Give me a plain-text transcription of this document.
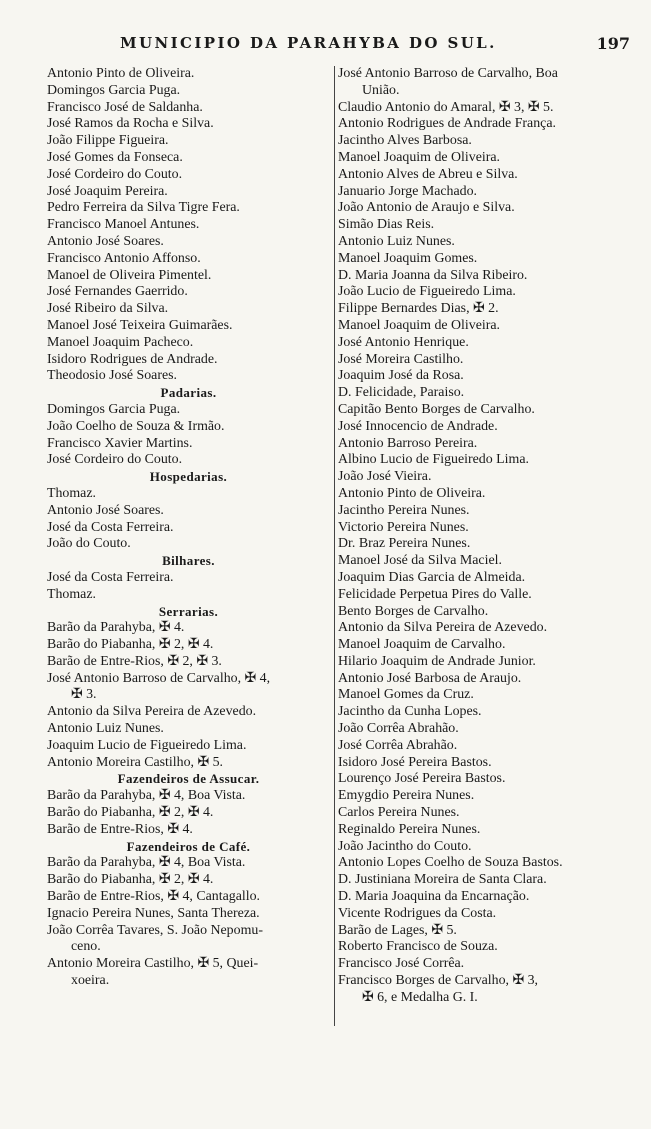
MUNICIPIO DA PARAHYBA DO SUL.	197
Antonio Pinto de Oliveira.
Domingos Garcia Puga.
Francisco José de Saldanha.
José Ramos da Rocha e Silva.
João Filippe Figueira.
José Gomes da Fonseca.
José Cordeiro do Couto.
José Joaquim Pereira.
Pedro Ferreira da Silva Tigre Fera.
Francisco Manoel Antunes.
Antonio José Soares.
Francisco Antonio Affonso.
Manoel de Oliveira Pimentel.
José Fernandes Gaerrido.
José Ribeiro da Silva.
Manoel José Teixeira Guimarães.
Manoel Joaquim Pacheco.
Isidoro Rodrigues de Andrade.
Theodosio José Soares.
Padarias.
Domingos Garcia Puga.
João Coelho de Souza & Irmão.
Francisco Xavier Martins.
José Cordeiro do Couto.
Hospedarias.
Thomaz.
Antonio José Soares.
José da Costa Ferreira.
João do Couto.
Bilhares.
José da Costa Ferreira.
Thomaz.
Serrarias.
Barão da Parahyba, ✠ 4.
Barão do Piabanha, ✠ 2, ✠ 4.
Barão de Entre-Rios, ✠ 2, ✠ 3.
José Antonio Barroso de Carvalho, ✠ 4,
✠ 3.
Antonio da Silva Pereira de Azevedo.
Antonio Luiz Nunes.
Joaquim Lucio de Figueiredo Lima.
Antonio Moreira Castilho, ✠ 5.
Fazendeiros de Assucar.
Barão da Parahyba, ✠ 4, Boa Vista.
Barão do Piabanha, ✠ 2, ✠ 4.
Barão de Entre-Rios, ✠ 4.
Fazendeiros de Café.
Barão da Parahyba, ✠ 4, Boa Vista.
Barão do Piabanha, ✠ 2, ✠ 4.
Barão de Entre-Rios, ✠ 4, Cantagallo.
Ignacio Pereira Nunes, Santa Thereza.
João Corrêa Tavares, S. João Nepomu-
ceno.
Antonio Moreira Castilho, ✠ 5, Quei-
xoeira.
José Antonio Barroso de Carvalho, Boa
União.
Claudio Antonio do Amaral, ✠ 3, ✠ 5.
Antonio Rodrigues de Andrade França.
Jacintho Alves Barbosa.
Manoel Joaquim de Oliveira.
Antonio Alves de Abreu e Silva.
Januario Jorge Machado.
João Antonio de Araujo e Silva.
Simão Dias Reis.
Antonio Luiz Nunes.
Manoel Joaquim Gomes.
D. Maria Joanna da Silva Ribeiro.
João Lucio de Figueiredo Lima.
Filippe Bernardes Dias, ✠ 2.
Manoel Joaquim de Oliveira.
José Antonio Henrique.
José Moreira Castilho.
Joaquim José da Rosa.
D. Felicidade, Paraiso.
Capitão Bento Borges de Carvalho.
José Innocencio de Andrade.
Antonio Barroso Pereira.
Albino Lucio de Figueiredo Lima.
João José Vieira.
Antonio Pinto de Oliveira.
Jacintho Pereira Nunes.
Victorio Pereira Nunes.
Dr. Braz Pereira Nunes.
Manoel José da Silva Maciel.
Joaquim Dias Garcia de Almeida.
Felicidade Perpetua Pires do Valle.
Bento Borges de Carvalho.
Antonio da Silva Pereira de Azevedo.
Manoel Joaquim de Carvalho.
Hilario Joaquim de Andrade Junior.
Antonio José Barbosa de Araujo.
Manoel Gomes da Cruz.
Jacintho da Cunha Lopes.
João Corrêa Abrahão.
José Corrêa Abrahão.
Isidoro José Pereira Bastos.
Lourenço José Pereira Bastos.
Emygdio Pereira Nunes.
Carlos Pereira Nunes.
Reginaldo Pereira Nunes.
João Jacintho do Couto.
Antonio Lopes Coelho de Souza Bastos.
D. Justiniana Moreira de Santa Clara.
D. Maria Joaquina da Encarnação.
Vicente Rodrigues da Costa.
Barão de Lages, ✠ 5.
Roberto Francisco de Souza.
Francisco José Corrêa.
Francisco Borges de Carvalho, ✠ 3,
✠ 6, e Medalha G. I.
